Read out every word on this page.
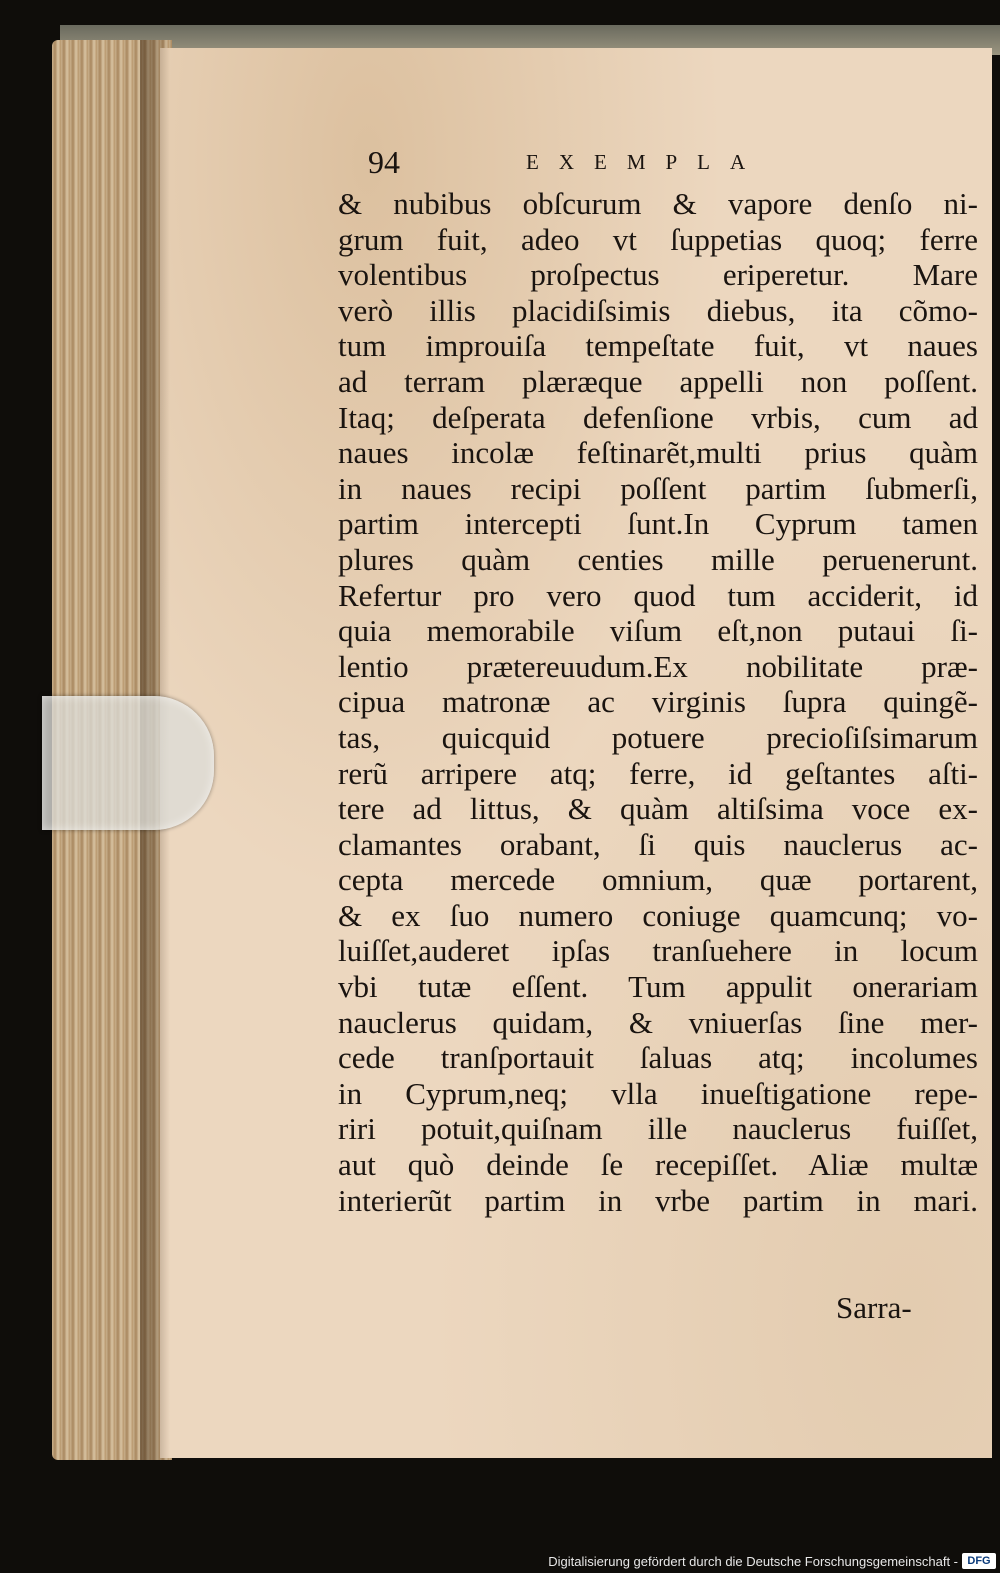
94	EXEMPLA
& nubibus obſcurum & vapore denſo ni-
grum fuit, adeo vt ſuppetias quoq; ferre
volentibus proſpectus eriperetur. Mare
verò illis placidiſsimis diebus, ita cõmo-
tum improuiſa tempeſtate fuit, vt naues
ad terram plæræque appelli non poſſent.
Itaq; deſperata defenſione vrbis, cum ad
naues incolæ feſtinarẽt,multi prius quàm
in naues recipi poſſent partim ſubmerſi,
partim intercepti ſunt.In Cyprum tamen
plures quàm centies mille peruenerunt.
Refertur pro vero quod tum acciderit, id
quia memorabile viſum eſt,non putaui ſi-
lentio prætereuudum.Ex nobilitate præ-
cipua matronæ ac virginis ſupra quingẽ-
tas, quicquid potuere precioſiſsimarum
rerũ arripere atq; ferre, id geſtantes aſti-
tere ad littus, & quàm altiſsima voce ex-
clamantes orabant, ſi quis nauclerus ac-
cepta mercede omnium, quæ portarent,
& ex ſuo numero coniuge quamcunq; vo-
luiſſet,auderet ipſas tranſuehere in locum
vbi tutæ eſſent. Tum appulit onerariam
nauclerus quidam, & vniuerſas ſine mer-
cede tranſportauit ſaluas atq; incolumes
in Cyprum,neq; vlla inueſtigatione repe-
riri potuit,quiſnam ille nauclerus fuiſſet,
aut quò deinde ſe recepiſſet. Aliæ multæ
interierũt partim in vrbe partim in mari.
Sarra-
Digitalisierung gefördert durch die Deutsche Forschungsgemeinschaft - DFG
